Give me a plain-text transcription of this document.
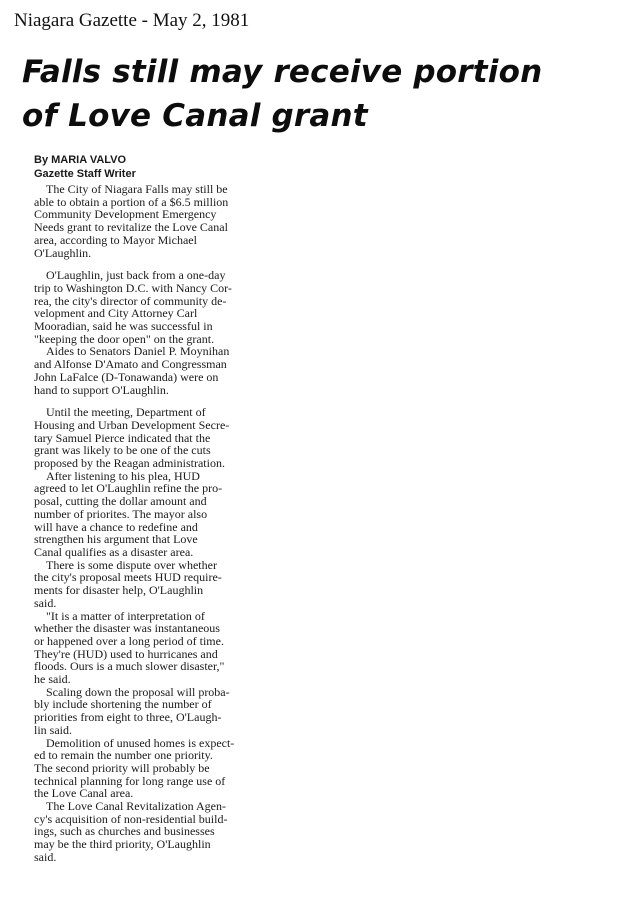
Niagara Gazette - May 2, 1981
Falls still may receive portion
of Love Canal grant
By MARIA VALVO
Gazette Staff Writer

The City of Niagara Falls may still be
able to obtain a portion of a $6.5 million
Community Development Emergency
Needs grant to revitalize the Love Canal
area, according to Mayor Michael
O'Laughlin.

O'Laughlin, just back from a one-day
trip to Washington D.C. with Nancy Cor-
rea, the city's director of community de-
velopment and City Attorney Carl
Mooradian, said he was successful in
"keeping the door open" on the grant.

Aides to Senators Daniel P. Moynihan
and Alfonse D'Amato and Congressman
John LaFalce (D-Tonawanda) were on
hand to support O'Laughlin.

Until the meeting, Department of
Housing and Urban Development Secre-
tary Samuel Pierce indicated that the
grant was likely to be one of the cuts
proposed by the Reagan administration.

After listening to his plea, HUD
agreed to let O'Laughlin refine the pro-
posal, cutting the dollar amount and
number of priorites. The mayor also
will have a chance to redefine and
strengthen his argument that Love
Canal qualifies as a disaster area.

There is some dispute over whether
the city's proposal meets HUD require-
ments for disaster help, O'Laughlin
said.

"It is a matter of interpretation of
whether the disaster was instantaneous
or happened over a long period of time.
They're (HUD) used to hurricanes and
floods. Ours is a much slower disaster,"
he said.

Scaling down the proposal will proba-
bly include shortening the number of
priorities from eight to three, O'Laugh-
lin said.

Demolition of unused homes is expect-
ed to remain the number one priority.
The second priority will probably be
technical planning for long range use of
the Love Canal area.

The Love Canal Revitalization Agen-
cy's acquisition of non-residential build-
ings, such as churches and businesses
may be the third priority, O'Laughlin
said.
